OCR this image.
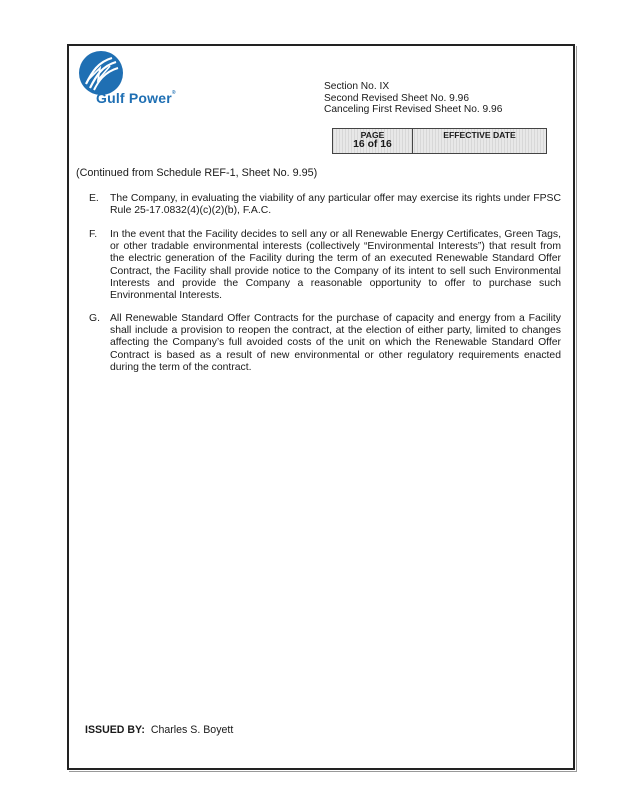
Gulf Power®
Section No. IX
Second Revised Sheet No. 9.96
Canceling First Revised Sheet No. 9.96
PAGE
16 of 16
EFFECTIVE DATE
(Continued from Schedule REF-1, Sheet No. 9.95)
E. The Company, in evaluating the viability of any particular offer may exercise its rights under FPSC Rule 25-17.0832(4)(c)(2)(b), F.A.C.
F. In the event that the Facility decides to sell any or all Renewable Energy Certificates, Green Tags, or other tradable environmental interests (collectively “Environmental Interests”) that result from the electric generation of the Facility during the term of an executed Renewable Standard Offer Contract, the Facility shall provide notice to the Company of its intent to sell such Environmental Interests and provide the Company a reasonable opportunity to offer to purchase such Environmental Interests.
G. All Renewable Standard Offer Contracts for the purchase of capacity and energy from a Facility shall include a provision to reopen the contract, at the election of either party, limited to changes affecting the Company’s full avoided costs of the unit on which the Renewable Standard Offer Contract is based as a result of new environmental or other regulatory requirements enacted during the term of the contract.
ISSUED BY: Charles S. Boyett
